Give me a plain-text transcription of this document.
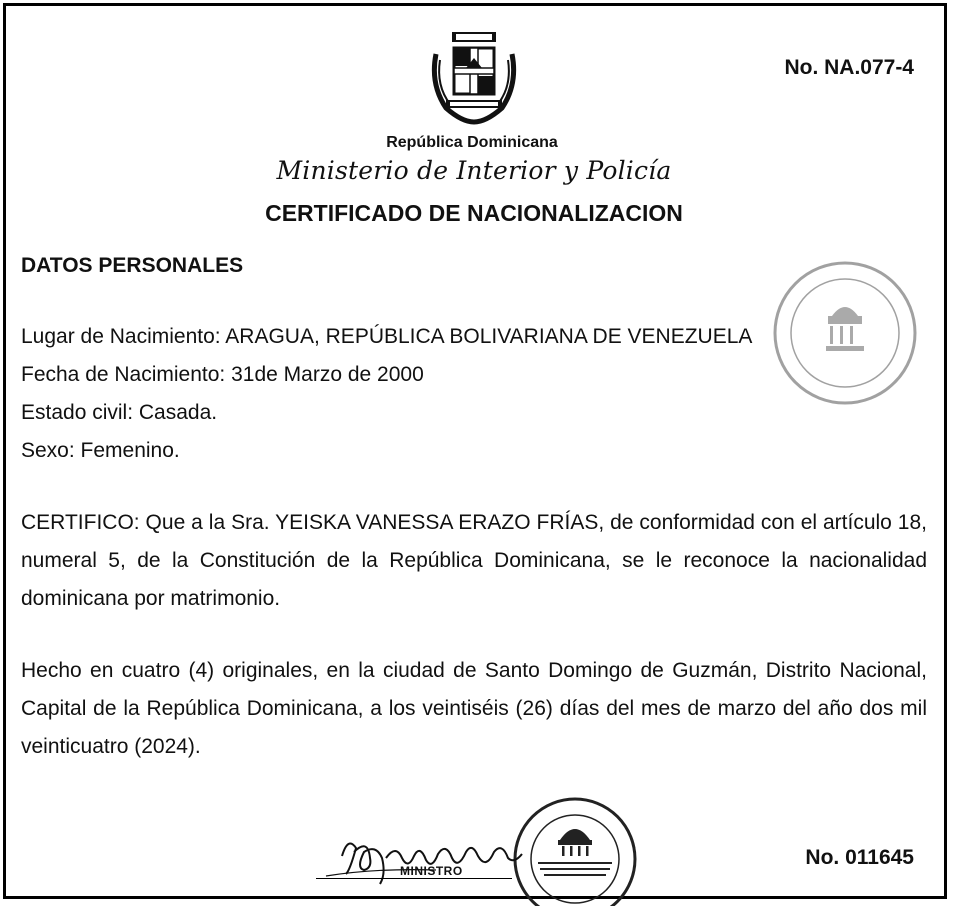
No. NA.077-4
República Dominicana
Ministerio de Interior y Policía
CERTIFICADO DE NACIONALIZACION
DATOS PERSONALES
Lugar de Nacimiento: ARAGUA, REPÚBLICA BOLIVARIANA DE VENEZUELA
Fecha de Nacimiento: 31de Marzo de 2000
Estado civil: Casada.
Sexo: Femenino.
CERTIFICO: Que a la Sra. YEISKA VANESSA ERAZO FRÍAS, de conformidad con el artículo 18, numeral 5, de la Constitución de la República Dominicana, se le reconoce la nacionalidad dominicana por matrimonio.
Hecho en cuatro (4) originales, en la ciudad de Santo Domingo de Guzmán, Distrito Nacional, Capital de la República Dominicana, a los veintiséis (26) días del mes de marzo del año dos mil veinticuatro (2024).
MINISTRO
No. 011645
